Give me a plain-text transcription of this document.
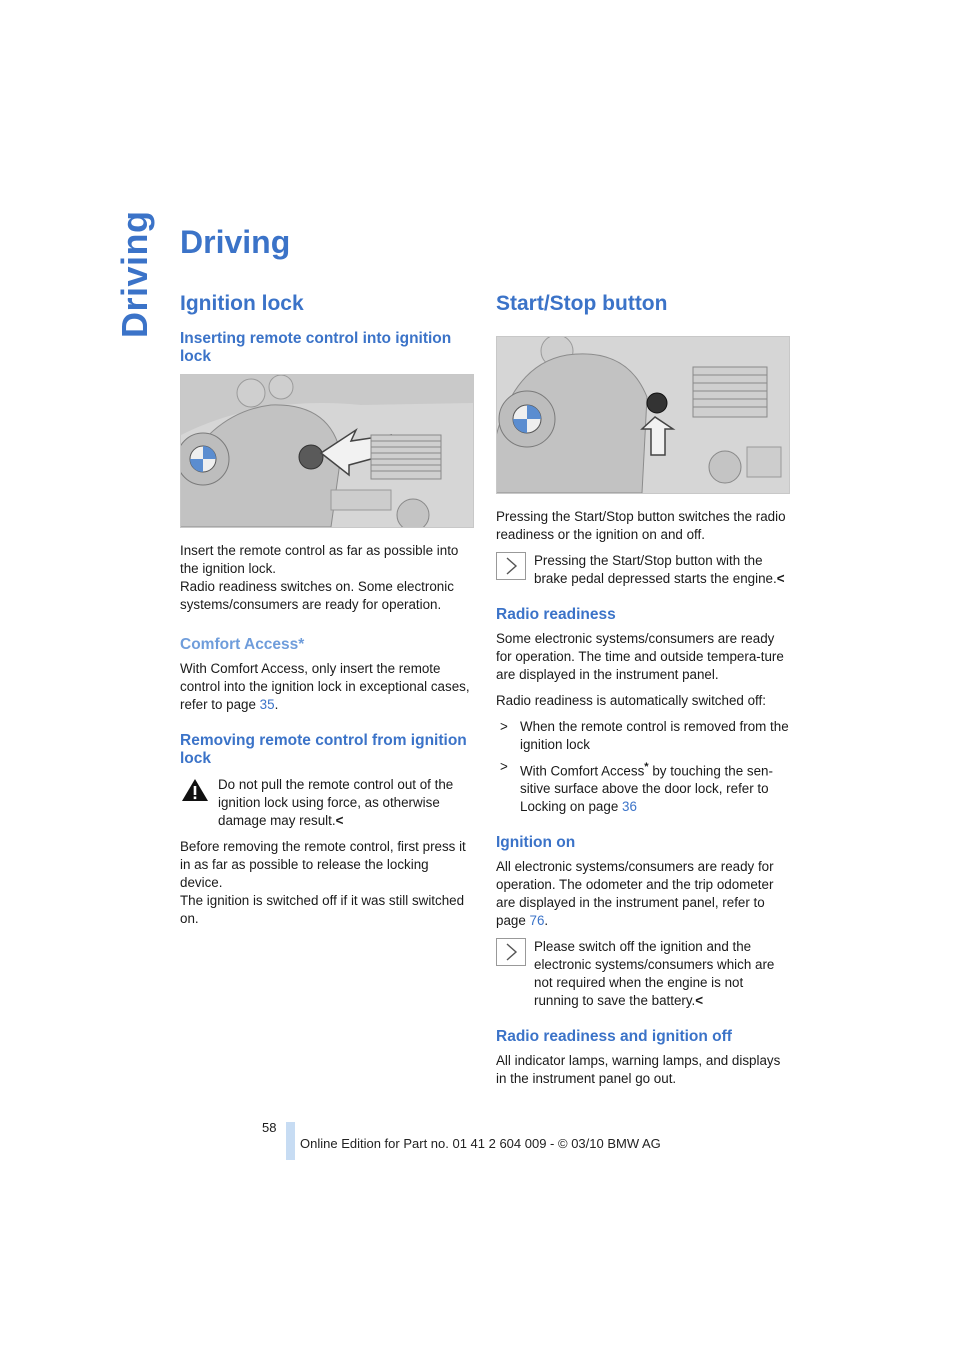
Driving Driving
Ignition lock
Inserting remote control into ignition lock

Insert the remote control as far as possible into the ignition lock.

Radio readiness switches on. Some electronic systems/consumers are ready for operation.

Comfort Access*

With Comfort Access, only insert the remote control into the ignition lock in exceptional cases, refer to page 35.

Removing remote control from ignition lock

Do not pull the remote control out of the ignition lock using force, as otherwise damage may result.<

Before removing the remote control, first press it in as far as possible to release the locking device.

The ignition is switched off if it was still switched on.

Start/Stop button

Pressing the Start/Stop button switches the radio readiness or the ignition on and off.

Pressing the Start/Stop button with the brake pedal depressed starts the engine.<

Radio readiness

Some electronic systems/consumers are ready for operation. The time and outside tempera-ture are displayed in the instrument panel.

Radio readiness is automatically switched off:

> When the remote control is removed from the ignition lock
> With Comfort Access* by touching the sen-sitive surface above the door lock, refer to Locking on page 36
Ignition on

All electronic systems/consumers are ready for operation. The odometer and the trip odometer are displayed in the instrument panel, refer to page 76.

Please switch off the ignition and the electronic systems/consumers which are not required when the engine is not running to save the battery.<

Radio readiness and ignition off

All indicator lamps, warning lamps, and displays in the instrument panel go out.

58
Online Edition for Part no. 01 41 2 604 009 - © 03/10 BMW AG
